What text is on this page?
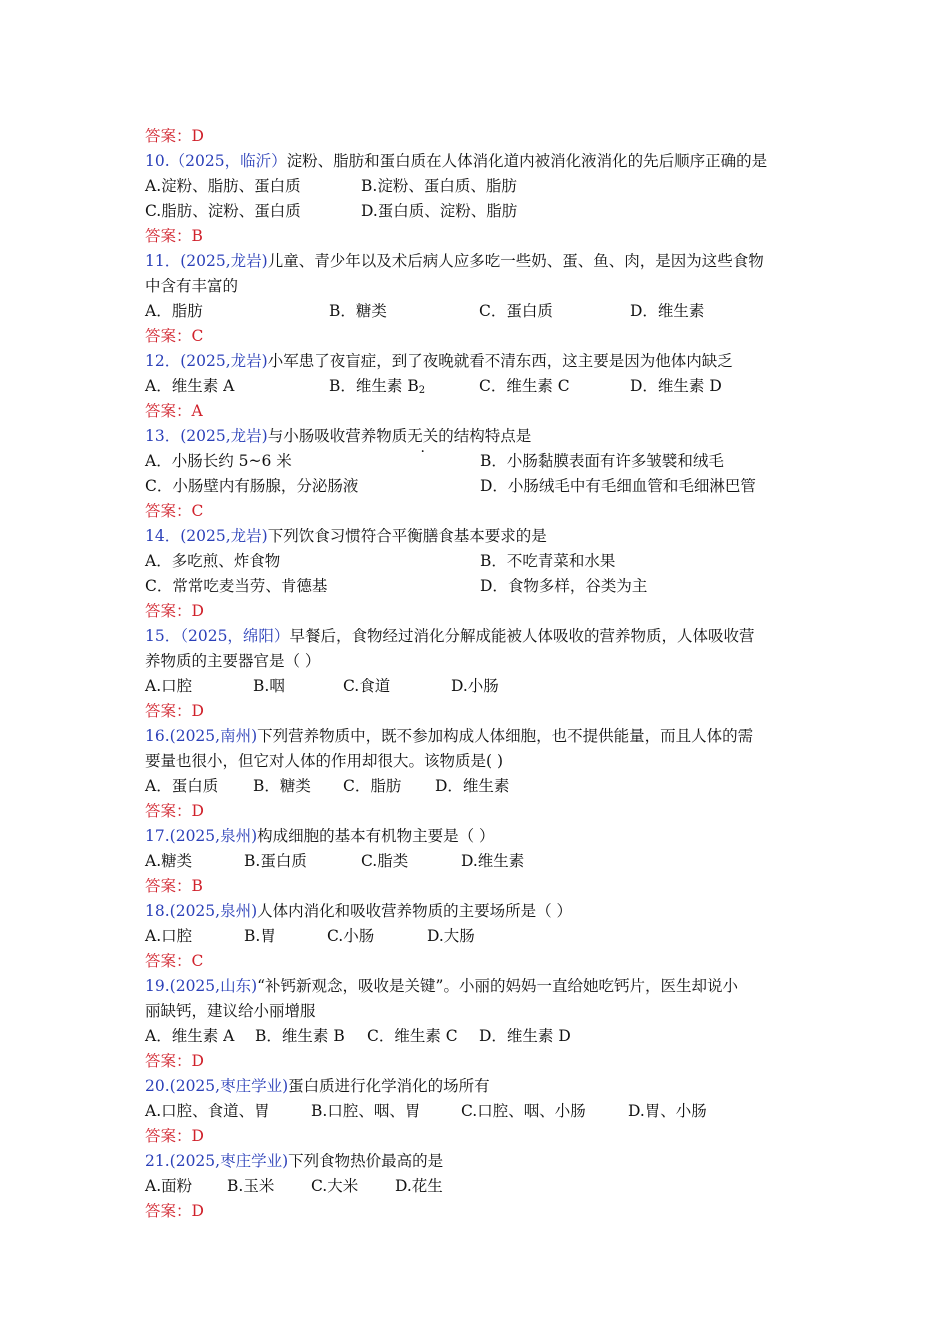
答案：D
10.（2025，临沂）淀粉、脂肪和蛋白质在人体消化道内被消化液消化的先后顺序正确的是
A.淀粉、脂肪、蛋白质	B.淀粉、蛋白质、脂肪
C.脂肪、淀粉、蛋白质	D.蛋白质、淀粉、脂肪
答案：B
11．(2025,龙岩)儿童、青少年以及术后病人应多吃一些奶、蛋、鱼、肉，是因为这些食物
中含有丰富的
A．脂肪	B．糖类	C．蛋白质	D．维生素
答案：C
12．(2025,龙岩)小军患了夜盲症，到了夜晚就看不清东西，这主要是因为他体内缺乏
A．维生素 A	B．维生素 $B_2$	C．维生素 C	D．维生素 D
答案：A
13．(2025,龙岩)与小肠吸收营养物质无关的结构特点是
A．小肠长约 5~6 米	B．小肠黏膜表面有许多皱襞和绒毛
C．小肠壁内有肠腺，分泌肠液	D．小肠绒毛中有毛细血管和毛细淋巴管
答案：C
14．(2025,龙岩)下列饮食习惯符合平衡膳食基本要求的是
A．多吃煎、炸食物	B．不吃青菜和水果
C．常常吃麦当劳、肯德基	D．食物多样，谷类为主
答案：D
15．（2025，绵阳）早餐后，食物经过消化分解成能被人体吸收的营养物质，人体吸收营
养物质的主要器官是（ ）
A.口腔	B.咽	C.食道	D.小肠
答案：D
16.(2025,南州)下列营养物质中，既不参加构成人体细胞，也不提供能量，而且人体的需
要量也很小，但它对人体的作用却很大。该物质是( )
A．蛋白质 B．糖类 C．脂肪 D．维生素
答案：D
17.(2025,泉州)构成细胞的基本有机物主要是（ ）
A.糖类	B.蛋白质	C.脂类	D.维生素
答案：B
18.(2025,泉州)人体内消化和吸收营养物质的主要场所是（ ）
A.口腔	B.胃	C.小肠	D.大肠
答案：C
19.(2025,山东)“补钙新观念，吸收是关键”。小丽的妈妈一直给她吃钙片，医生却说小
丽缺钙，建议给小丽增服
A．维生素 A B．维生素 B C．维生素 C D．维生素 D
答案：D
20.(2025,枣庄学业)蛋白质进行化学消化的场所有
A.口腔、食道、胃	B.口腔、咽、胃	C.口腔、咽、小肠	D.胃、小肠
答案：D
21.(2025,枣庄学业)下列食物热价最高的是
A.面粉 B.玉米 C.大米 D.花生
答案：D
